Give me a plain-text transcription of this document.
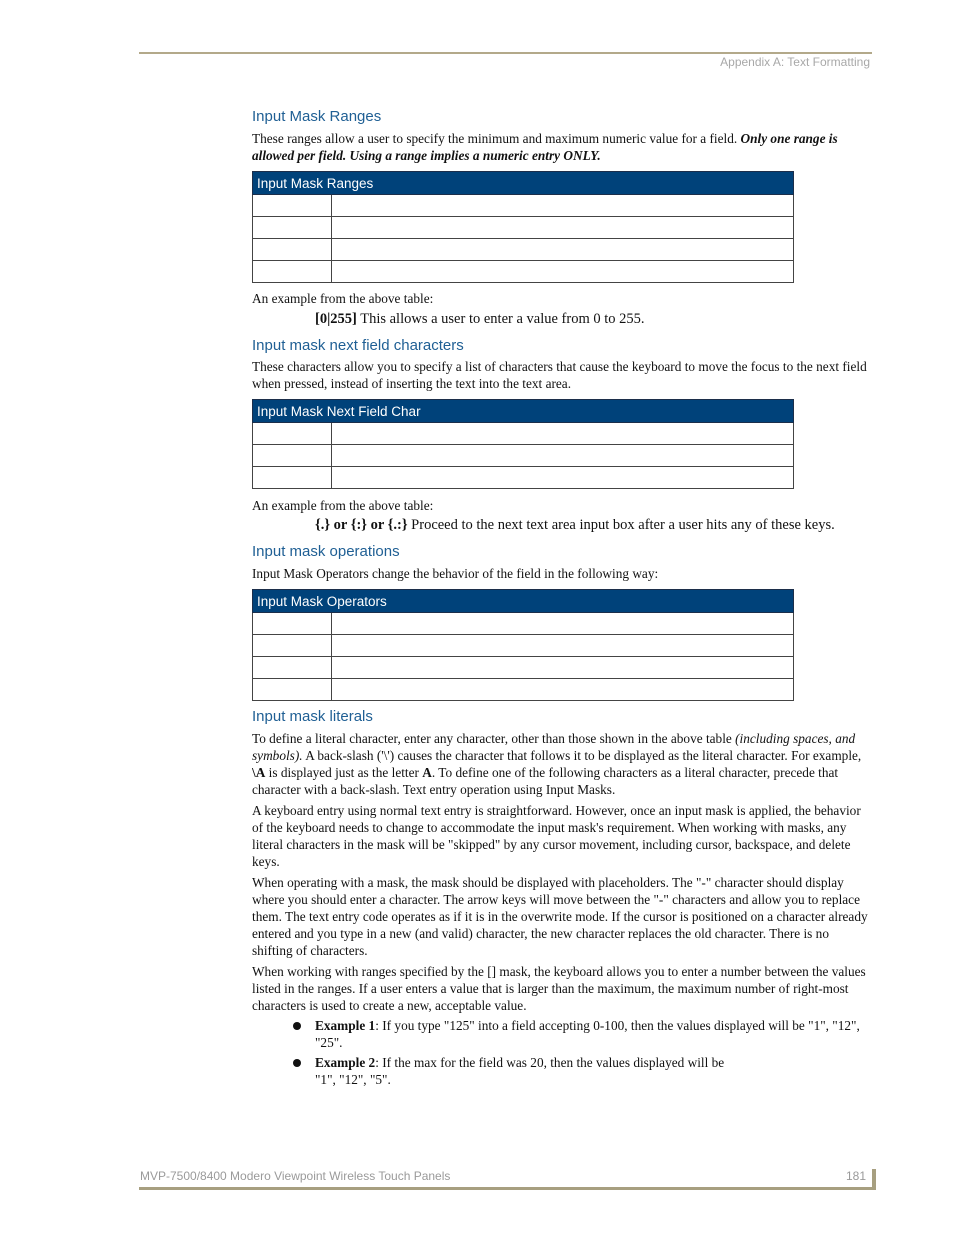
Appendix A: Text Formatting
Input Mask Ranges

These ranges allow a user to specify the minimum and maximum numeric value for a field. Only one range is allowed per field. Using a range implies a numeric entry ONLY.

Input Mask Ranges	

An example from the above table:

[0|255] This allows a user to enter a value from 0 to 255.
Input mask next field characters

These characters allow you to specify a list of characters that cause the keyboard to move the focus to the next field when pressed, instead of inserting the text into the text area.

Input Mask Next Field Char	

An example from the above table:

{.} or {:} or {.:} Proceed to the next text area input box after a user hits any of these keys.
Input mask operations

Input Mask Operators change the behavior of the field in the following way:

Input Mask Operators	

Input mask literals

To define a literal character, enter any character, other than those shown in the above table (including spaces, and symbols). A back-slash ('\') causes the character that follows it to be displayed as the literal character. For example, \A is displayed just as the letter A. To define one of the following characters as a literal character, precede that character with a back-slash. Text entry operation using Input Masks.

A keyboard entry using normal text entry is straightforward. However, once an input mask is applied, the behavior of the keyboard needs to change to accommodate the input mask's requirement. When working with masks, any literal characters in the mask will be "skipped" by any cursor movement, including cursor, backspace, and delete keys.

When operating with a mask, the mask should be displayed with placeholders. The "-" character should display where you should enter a character. The arrow keys will move between the "-" characters and allow you to replace them. The text entry code operates as if it is in the overwrite mode. If the cursor is positioned on a character already entered and you type in a new (and valid) character, the new character replaces the old character. There is no shifting of characters.

When working with ranges specified by the [] mask, the keyboard allows you to enter a number between the values listed in the ranges. If a user enters a value that is larger than the maximum, the maximum number of right-most characters is used to create a new, acceptable value.

Example 1: If you type "125" into a field accepting 0-100, then the values displayed will be "1", "12", "25".
Example 2: If the max for the field was 20, then the values displayed will be "1", "12", "5".
MVP-7500/8400 Modero Viewpoint Wireless Touch Panels	181
